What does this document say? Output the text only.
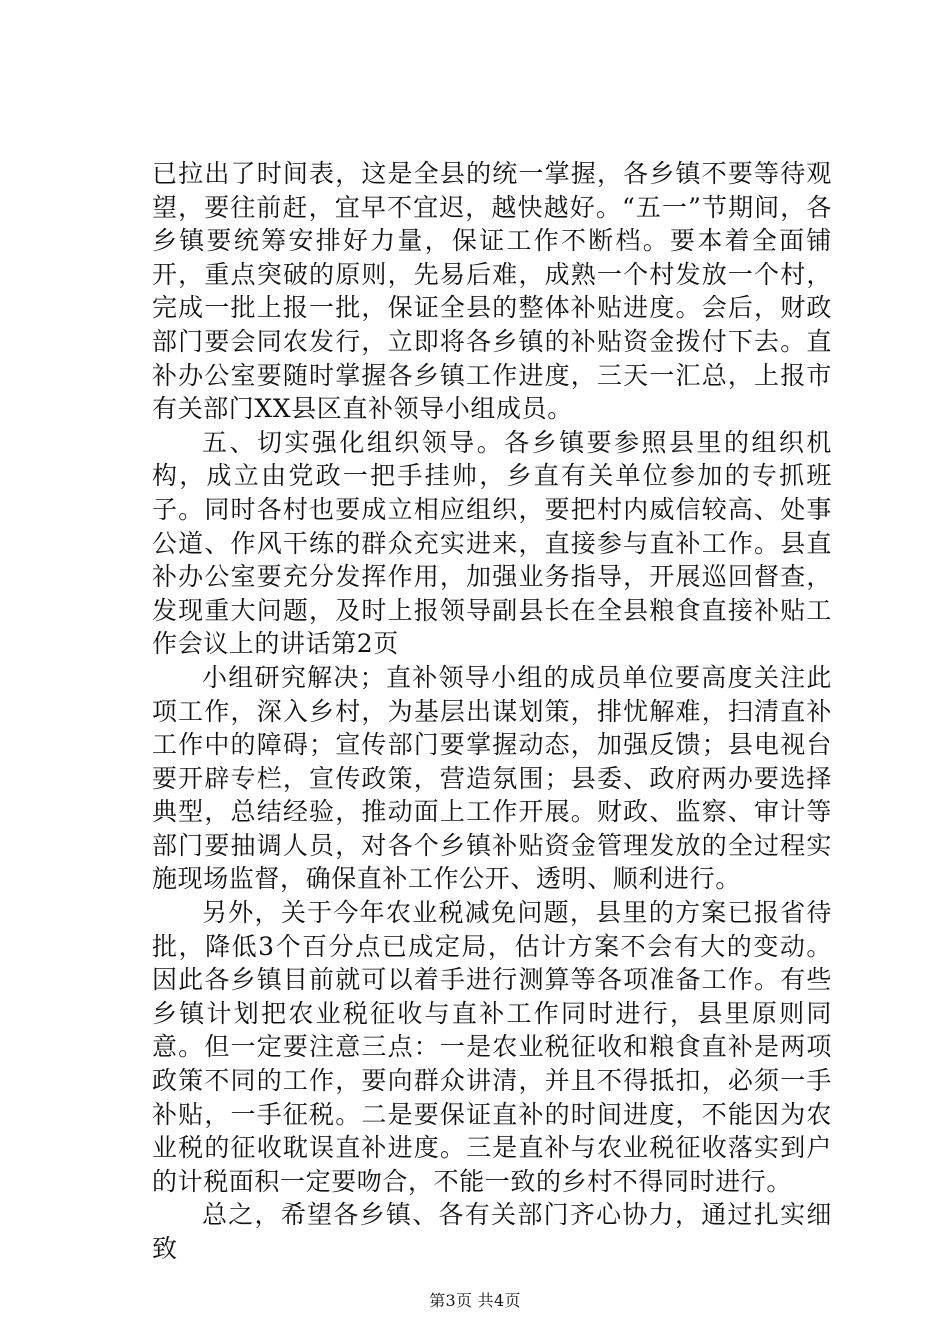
已拉出了时间表，这是全县的统一掌握，各乡镇不要等待观望，要往前赶，宜早不宜迟，越快越好。“五一”节期间，各乡镇要统筹安排好力量，保证工作不断档。要本着全面铺开，重点突破的原则，先易后难，成熟一个村发放一个村，完成一批上报一批，保证全县的整体补贴进度。会后，财政部门要会同农发行，立即将各乡镇的补贴资金拨付下去。直补办公室要随时掌握各乡镇工作进度，三天一汇总，上报市有关部门XX县区直补领导小组成员。

五、切实强化组织领导。各乡镇要参照县里的组织机构，成立由党政一把手挂帅，乡直有关单位参加的专抓班子。同时各村也要成立相应组织，要把村内威信较高、处事公道、作风干练的群众充实进来，直接参与直补工作。县直补办公室要充分发挥作用，加强业务指导，开展巡回督查，发现重大问题，及时上报领导副县长在全县粮食直接补贴工作会议上的讲话第2页

小组研究解决；直补领导小组的成员单位要高度关注此项工作，深入乡村，为基层出谋划策，排忧解难，扫清直补工作中的障碍；宣传部门要掌握动态，加强反馈；县电视台要开辟专栏，宣传政策，营造氛围；县委、政府两办要选择典型，总结经验，推动面上工作开展。财政、监察、审计等部门要抽调人员，对各个乡镇补贴资金管理发放的全过程实施现场监督，确保直补工作公开、透明、顺利进行。

另外，关于今年农业税减免问题，县里的方案已报省待批，降低3个百分点已成定局，估计方案不会有大的变动。因此各乡镇目前就可以着手进行测算等各项准备工作。有些乡镇计划把农业税征收与直补工作同时进行，县里原则同意。但一定要注意三点：一是农业税征收和粮食直补是两项政策不同的工作，要向群众讲清，并且不得抵扣，必须一手补贴，一手征税。二是要保证直补的时间进度，不能因为农业税的征收耽误直补进度。三是直补与农业税征收落实到户的计税面积一定要吻合，不能一致的乡村不得同时进行。

总之，希望各乡镇、各有关部门齐心协力，通过扎实细致

第3页 共4页
